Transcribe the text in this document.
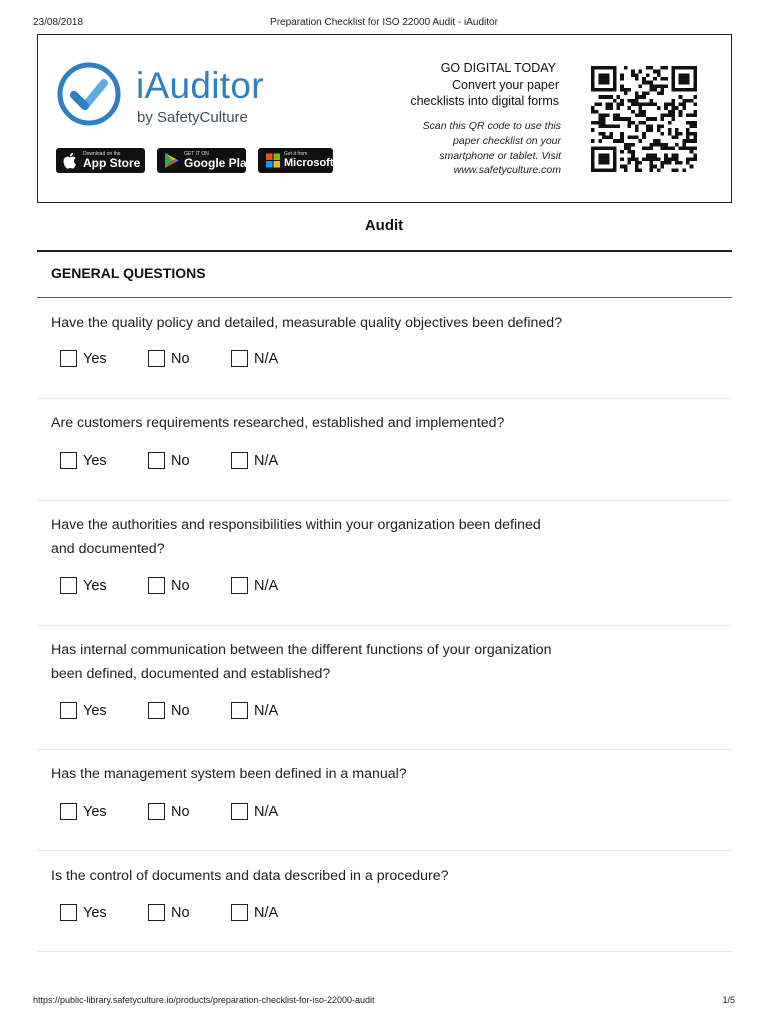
23/08/2018	Preparation Checklist for ISO 22000 Audit - iAuditor
iAuditor
by SafetyCulture
Download on the
App Store
GET IT ON
Google Play
Get it from
Microsoft
GO DIGITAL TODAY
Convert your paper
checklists into digital forms
Scan this QR code to use this
paper checklist on your
smartphone or tablet. Visit
www.safetyculture.com
Audit
GENERAL QUESTIONS
Have the quality policy and detailed, measurable quality objectives been defined?
Yes	No	N/A
Are customers requirements researched, established and implemented?
Yes	No	N/A
Have the authorities and responsibilities within your organization been defined
and documented?
Yes	No	N/A
Has internal communication between the different functions of your organization
been defined, documented and established?
Yes	No	N/A
Has the management system been defined in a manual?
Yes	No	N/A
Is the control of documents and data described in a procedure?
Yes	No	N/A
https://public-library.safetyculture.io/products/preparation-checklist-for-iso-22000-audit	1/5
